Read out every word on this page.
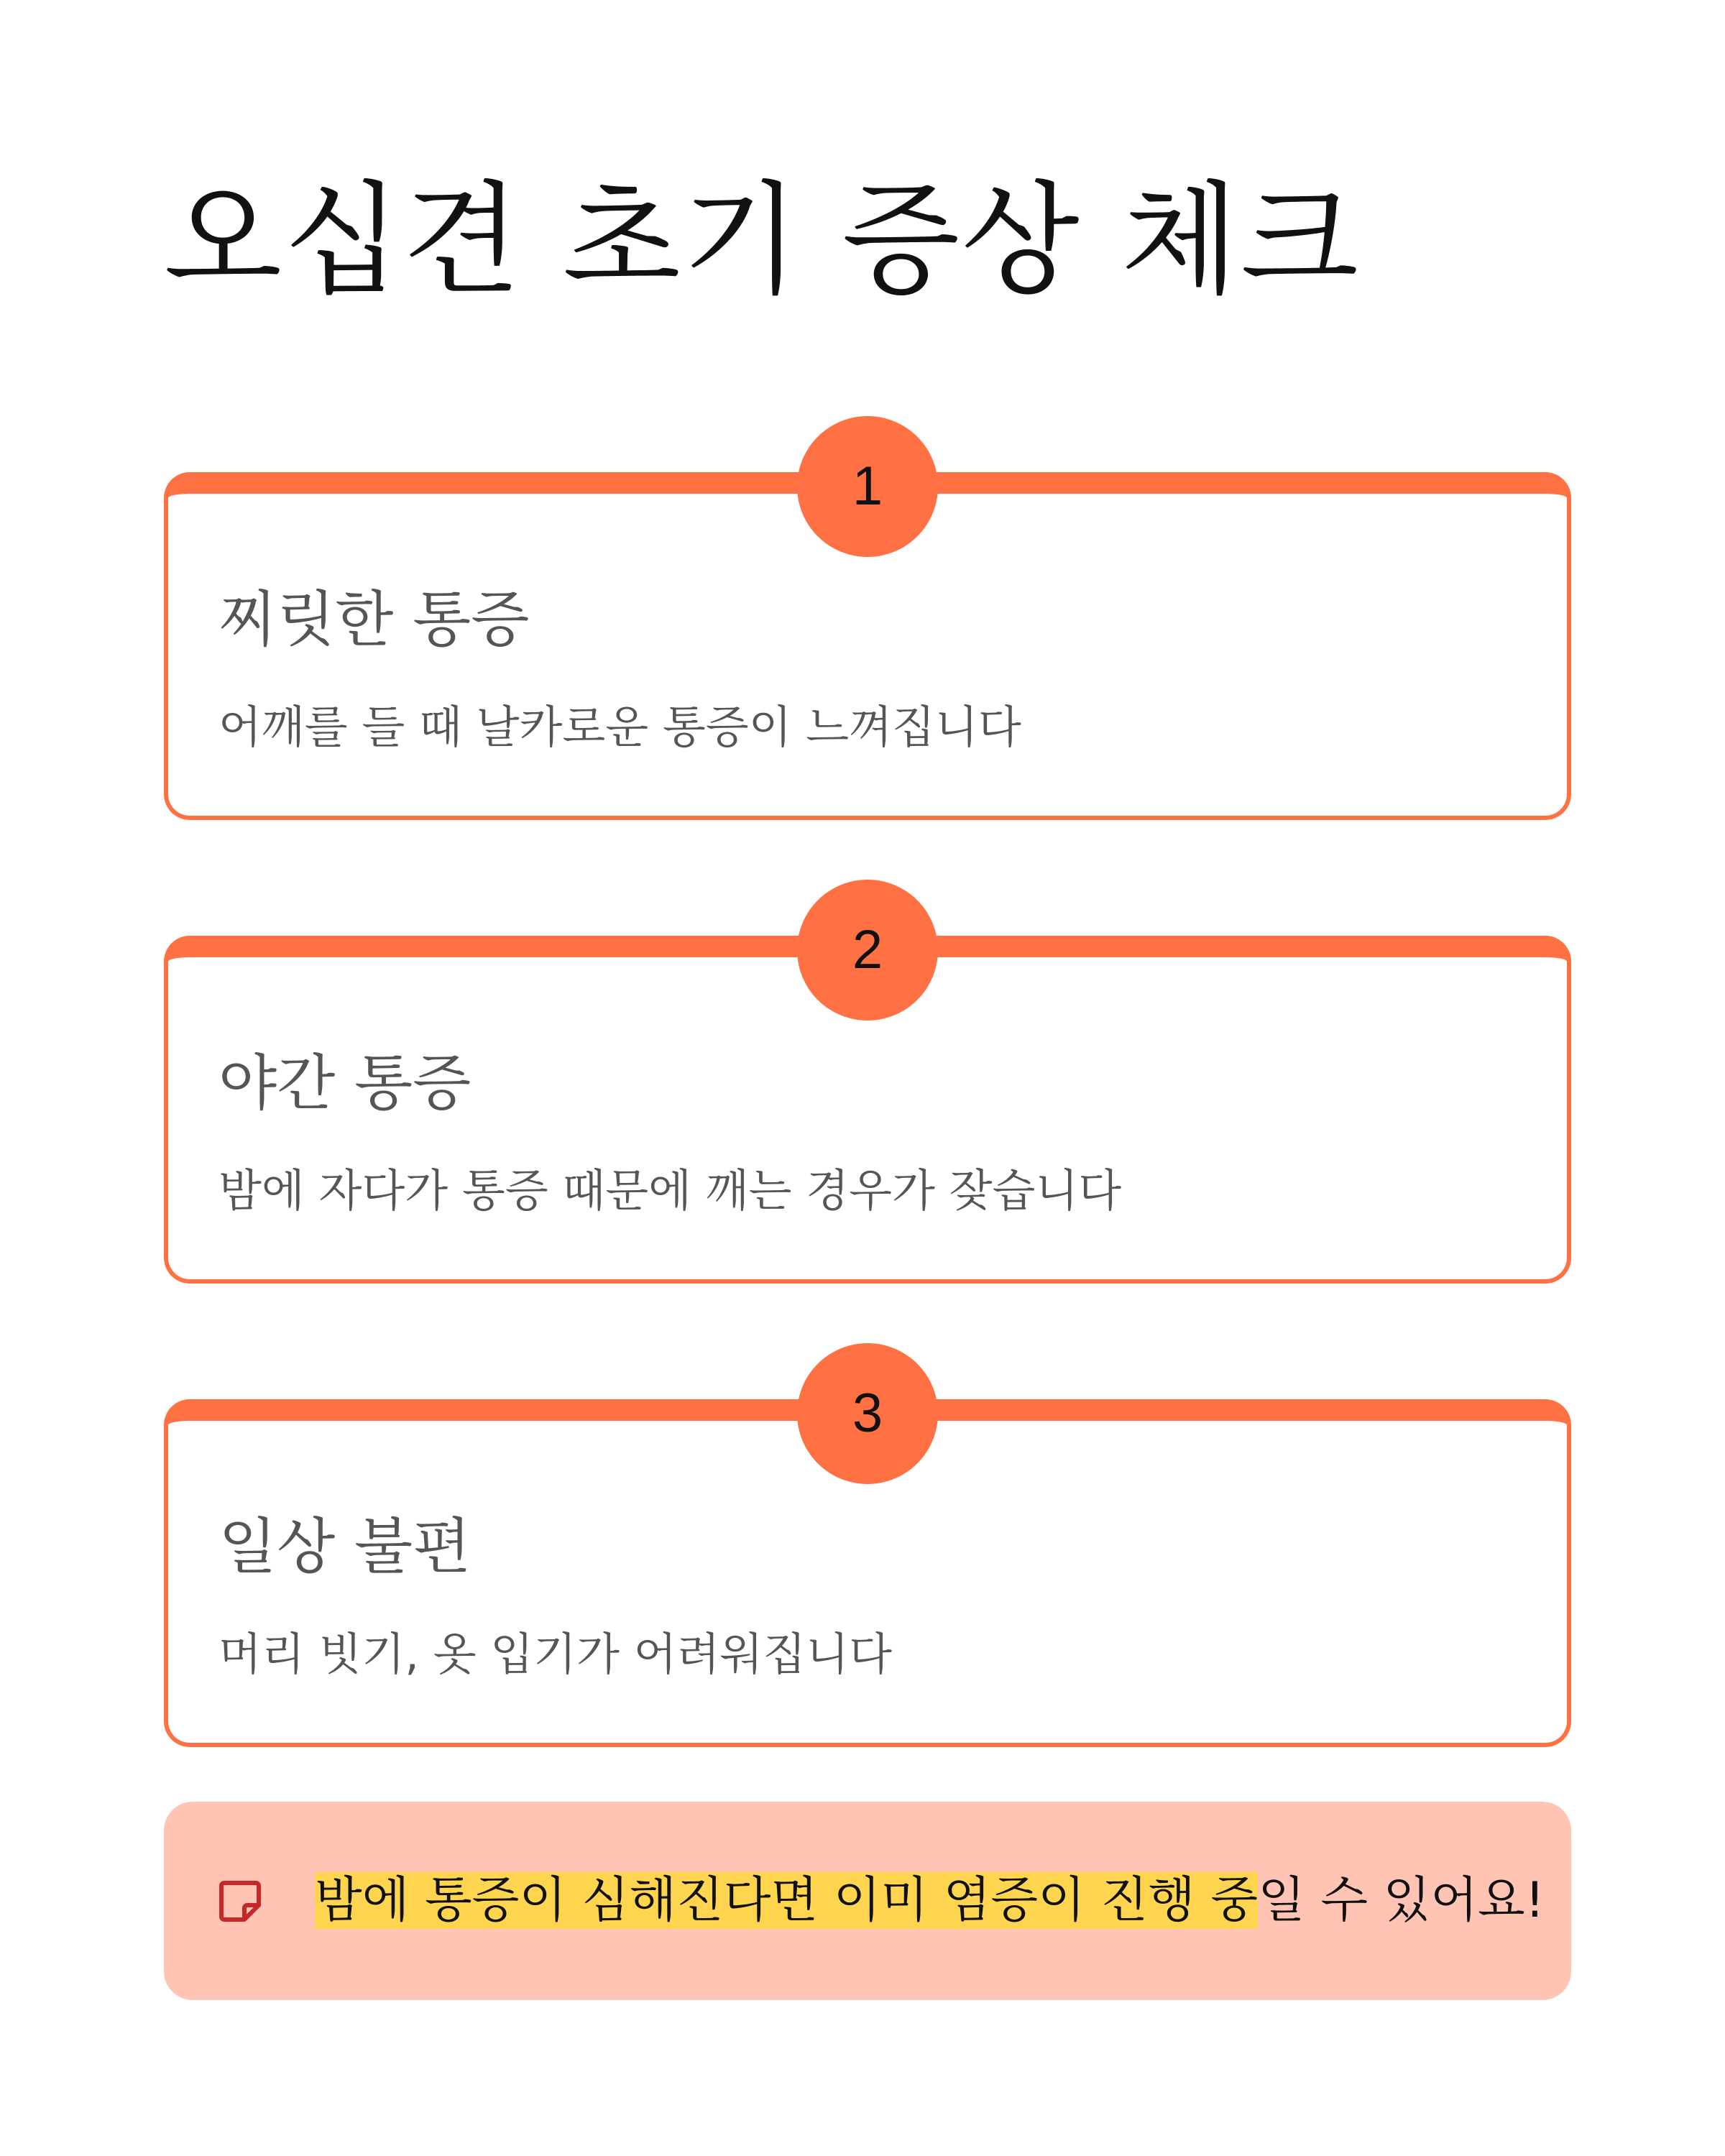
오십견 초기 증상 체크
1
찌릿한 통증

어깨를 들 때 날카로운 통증이 느껴집니다

2
야간 통증

밤에 자다가 통증 때문에 깨는 경우가 잦습니다

3
일상 불편

머리 빗기, 옷 입기가 어려워집니다

밤에 통증이 심해진다면 이미 염증이 진행 중일 수 있어요!
